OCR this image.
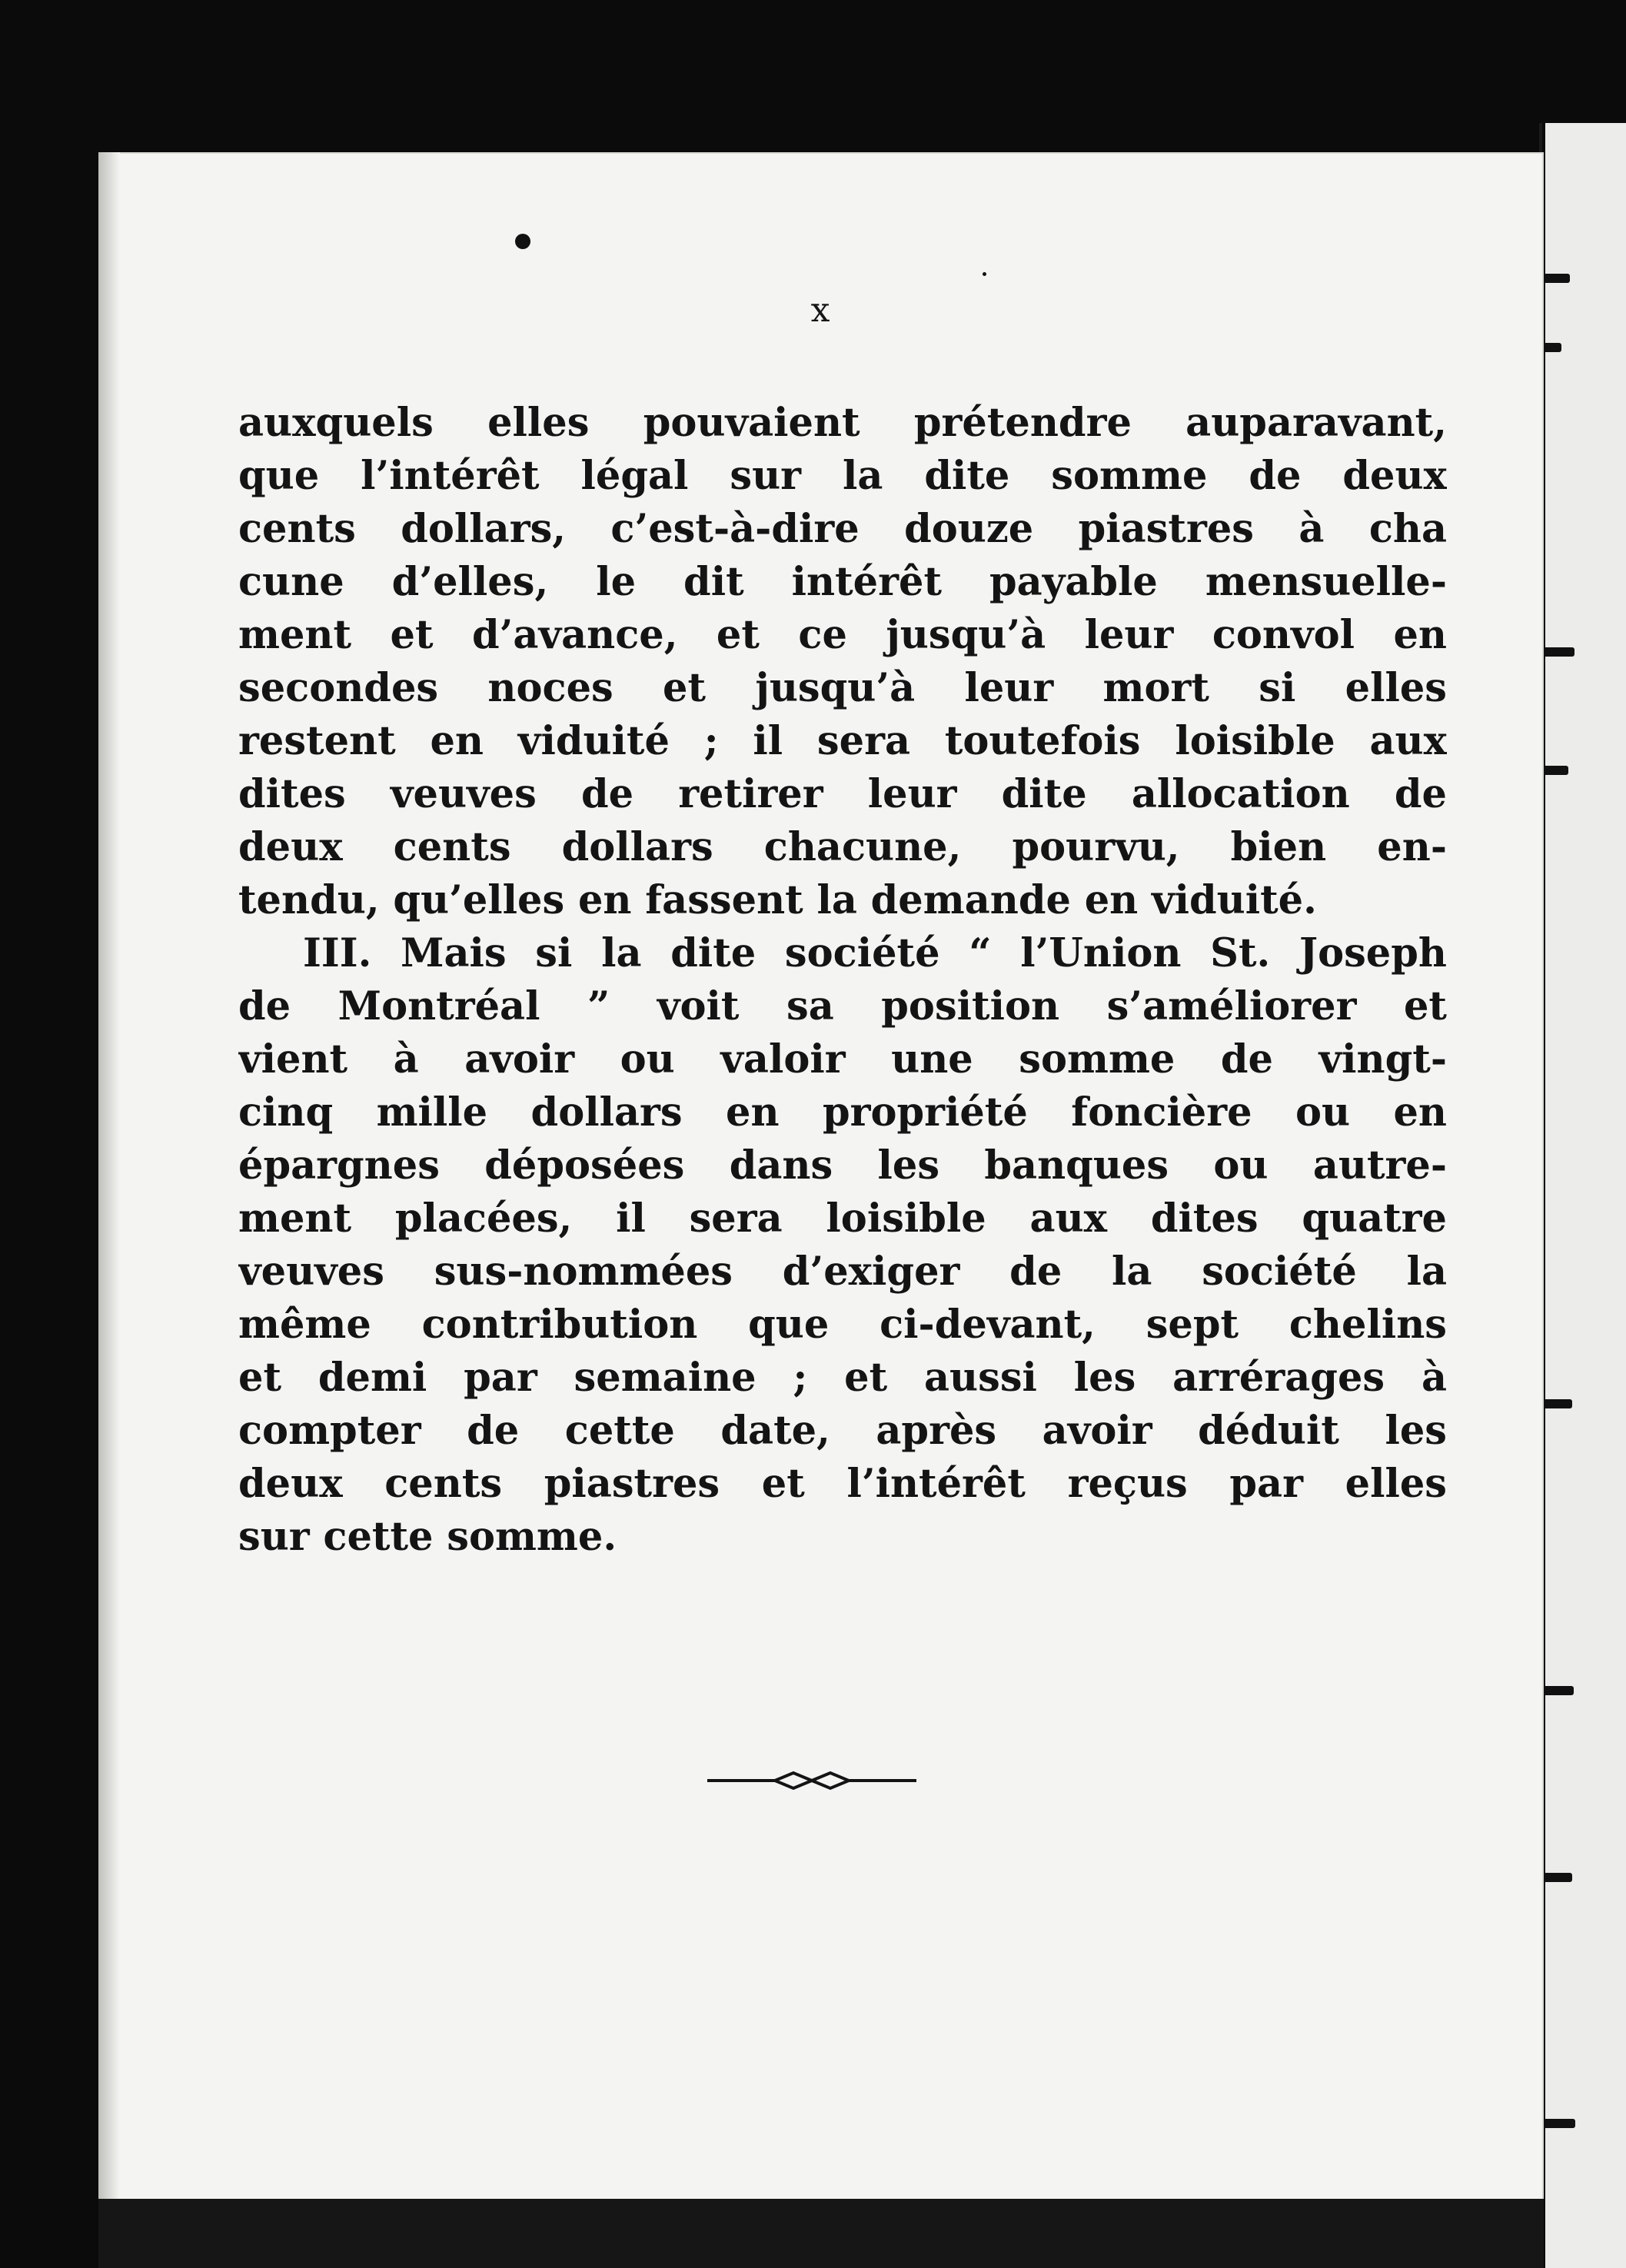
x
auxquels elles pouvaient prétendre auparavant,
que l’intérêt légal sur la dite somme de deux
cents dollars, c’est-à-dire douze piastres à cha
cune d’elles, le dit intérêt payable mensuelle-
ment et d’avance, et ce jusqu’à leur convol en
secondes noces et jusqu’à leur mort si elles
restent en viduité ; il sera toutefois loisible aux
dites veuves de retirer leur dite allocation de
deux cents dollars chacune, pourvu, bien en-
tendu, qu’elles en fassent la demande en viduité.
III. Mais si la dite société “ l’Union St. Joseph
de Montréal ” voit sa position s’améliorer et
vient à avoir ou valoir une somme de vingt-
cinq mille dollars en propriété foncière ou en
épargnes déposées dans les banques ou autre-
ment placées, il sera loisible aux dites quatre
veuves sus-nommées d’exiger de la société la
même contribution que ci-devant, sept chelins
et demi par semaine ; et aussi les arrérages à
compter de cette date, après avoir déduit les
deux cents piastres et l’intérêt reçus par elles
sur cette somme.
